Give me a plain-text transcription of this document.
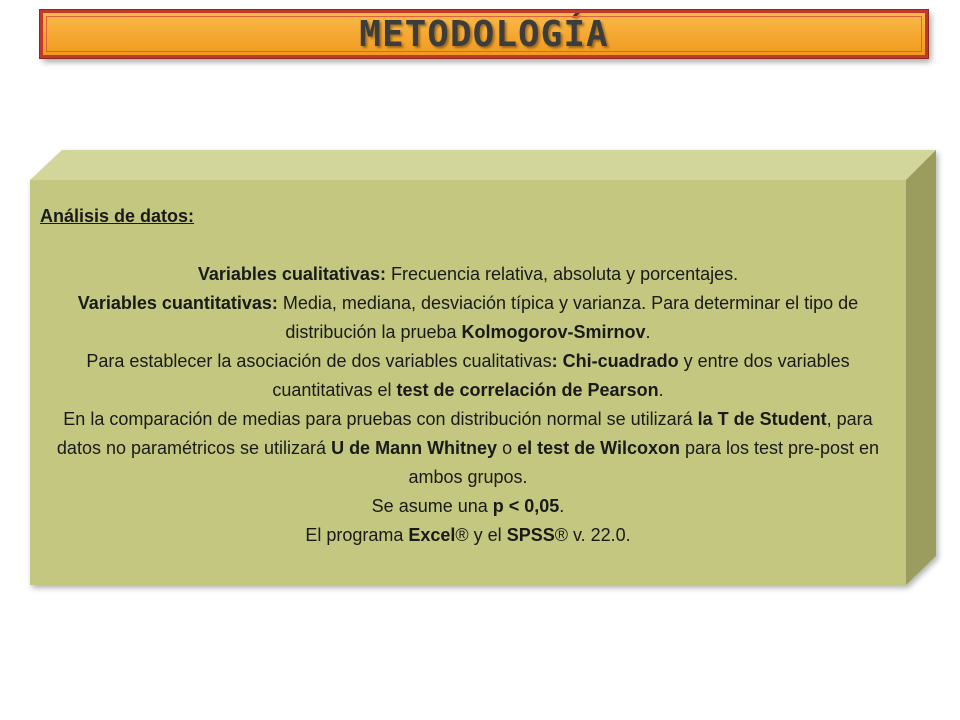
METODOLOGÍA
Análisis de datos:
Variables cualitativas: Frecuencia relativa, absoluta y porcentajes.
Variables cuantitativas: Media, mediana, desviación típica y varianza. Para determinar el tipo de distribución la prueba Kolmogorov-Smirnov.
Para establecer la asociación de dos variables cualitativas: Chi-cuadrado y entre dos variables cuantitativas el test de correlación de Pearson.
En la comparación de medias para pruebas con distribución normal se utilizará la T de Student, para datos no paramétricos se utilizará U de Mann Whitney o el test de Wilcoxon para los test pre-post en ambos grupos.
Se asume una p < 0,05.
El programa Excel® y el SPSS® v. 22.0.
